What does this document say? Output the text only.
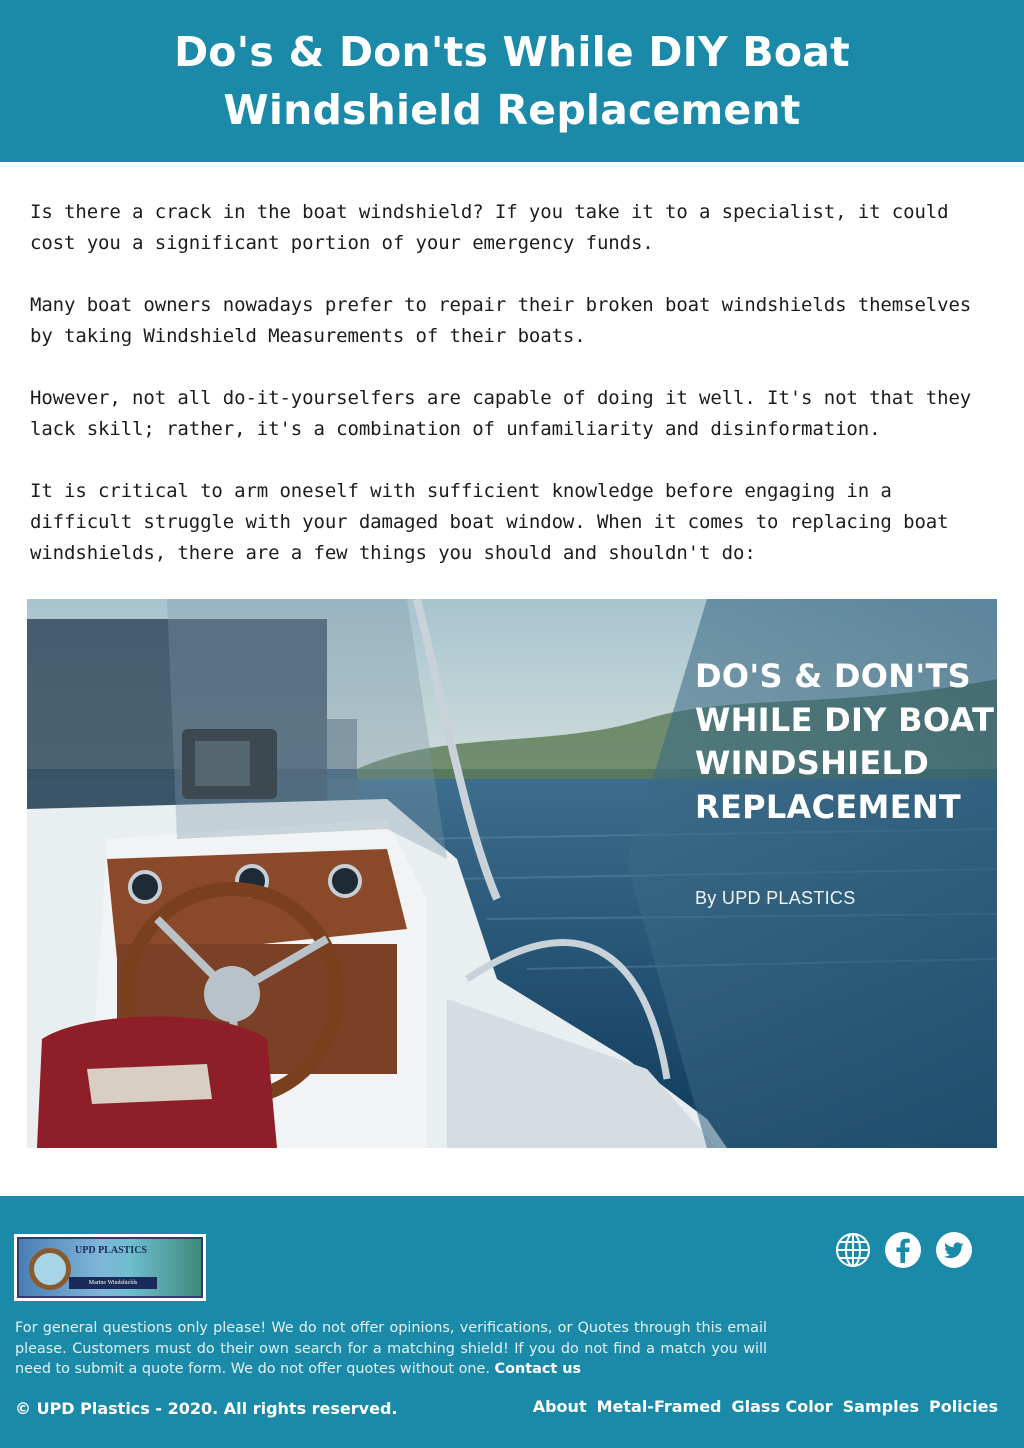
Do's & Don'ts While DIY Boat Windshield Replacement

Is there a crack in the boat windshield? If you take it to a specialist, it could cost you a significant portion of your emergency funds.

Many boat owners nowadays prefer to repair their broken boat windshields themselves by taking Windshield Measurements of their boats.

However, not all do-it-yourselfers are capable of doing it well. It's not that they lack skill; rather, it's a combination of unfamiliarity and disinformation.

It is critical to arm oneself with sufficient knowledge before engaging in a difficult struggle with your damaged boat window. When it comes to replacing boat windshields, there are a few things you should and shouldn't do:

DO'S & DON'TS WHILE DIY BOAT WINDSHIELD REPLACEMENT
By UPD PLASTICS
UPD PLASTICS
Marine Windshields
For general questions only please! We do not offer opinions, verifications, or Quotes through this email please. Customers must do their own search for a matching shield! If you do not find a match you will need to submit a quote form. We do not offer quotes without one. Contact us
© UPD Plastics - 2020. All rights reserved.	About Metal-Framed Glass Color Samples Policies
